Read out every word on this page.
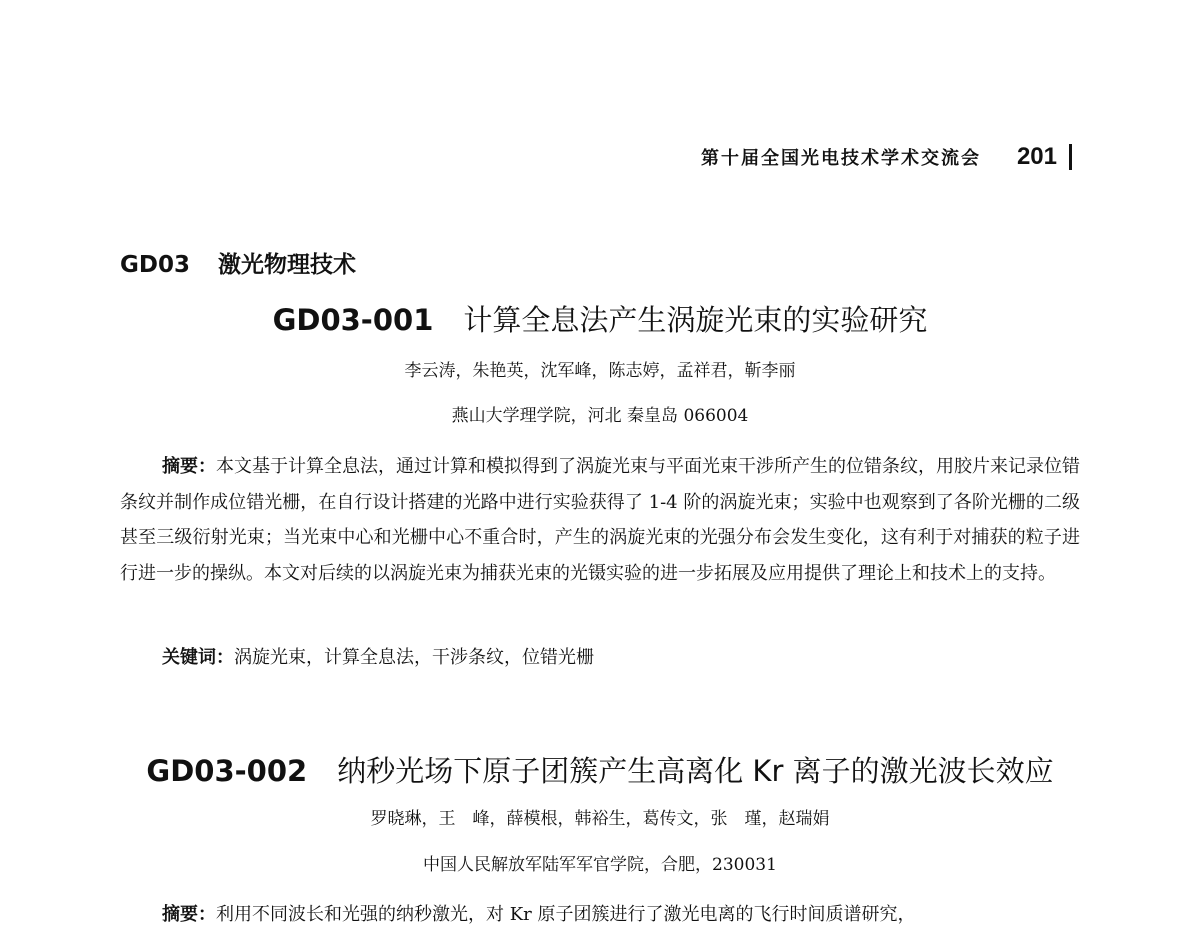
第十届全国光电技术学术交流会 201
GD03 激光物理技术
GD03-001 计算全息法产生涡旋光束的实验研究
李云涛，朱艳英，沈军峰，陈志婷，孟祥君，靳李丽
燕山大学理学院，河北 秦皇岛 066004

摘要：本文基于计算全息法，通过计算和模拟得到了涡旋光束与平面光束干涉所产生的位错条纹，用胶片来记录位错条纹并制作成位错光栅，在自行设计搭建的光路中进行实验获得了 1-4 阶的涡旋光束；实验中也观察到了各阶光栅的二级甚至三级衍射光束；当光束中心和光栅中心不重合时，产生的涡旋光束的光强分布会发生变化，这有利于对捕获的粒子进行进一步的操纵。本文对后续的以涡旋光束为捕获光束的光镊实验的进一步拓展及应用提供了理论上和技术上的支持。

关键词：涡旋光束，计算全息法，干涉条纹，位错光栅
GD03-002 纳秒光场下原子团簇产生高离化 Kr 离子的激光波长效应
罗晓琳，王　峰，薛模根，韩裕生，葛传文，张　瑾，赵瑞娟
中国人民解放军陆军军官学院，合肥，230031

摘要：利用不同波长和光强的纳秒激光，对 Kr 原子团簇进行了激光电离的飞行时间质谱研究，
